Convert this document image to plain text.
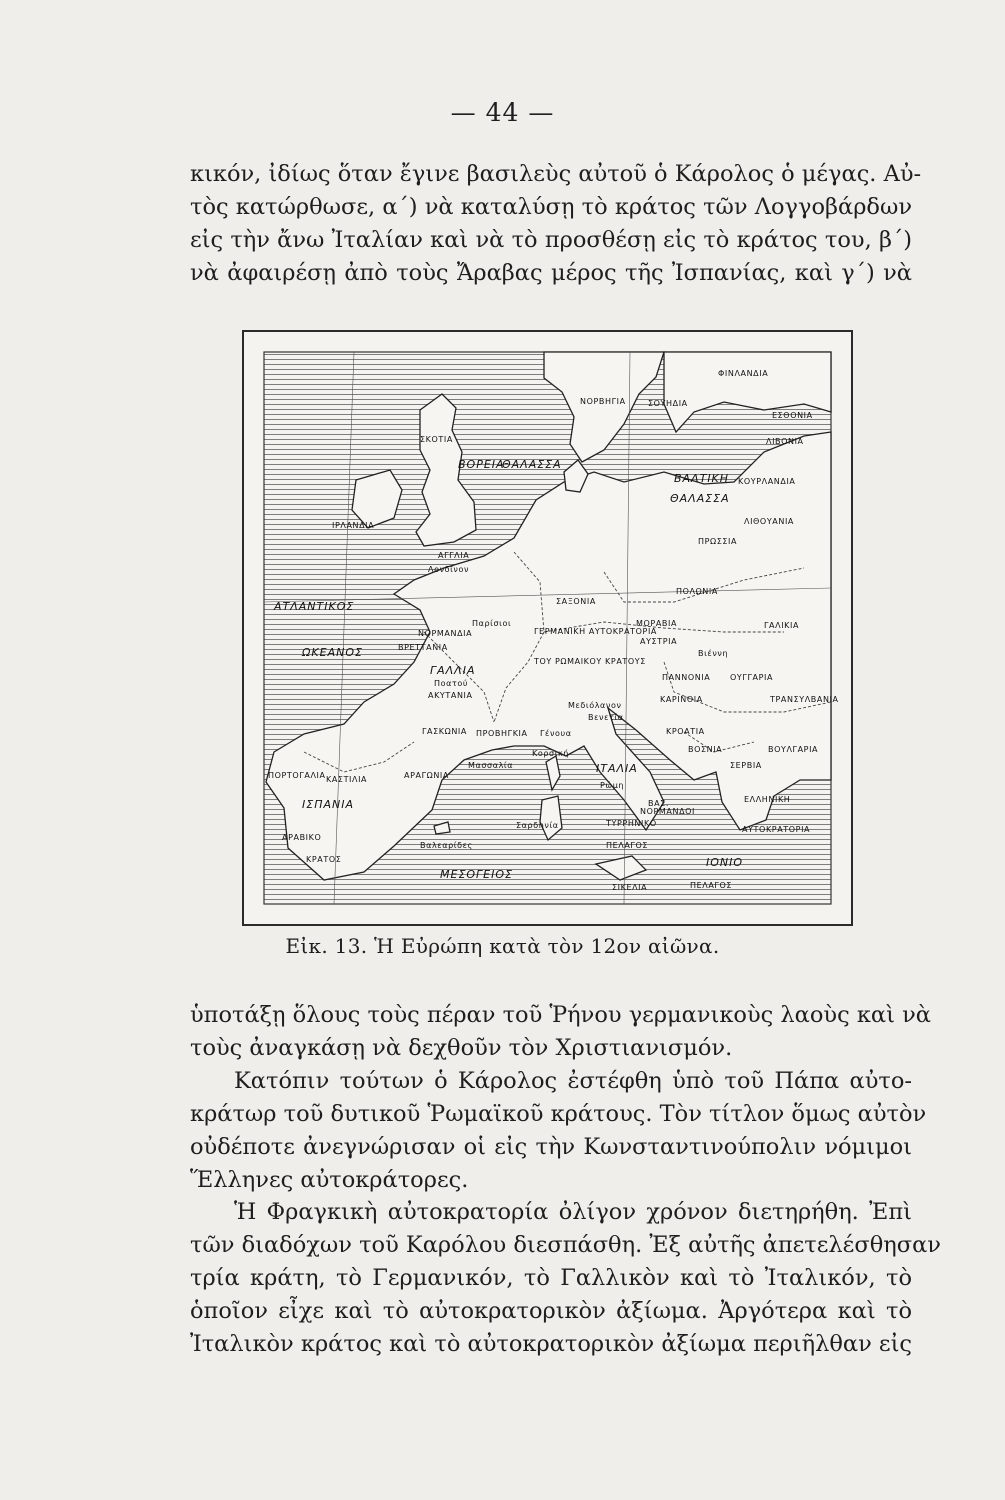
— 44 —

κικόν, ἰδίως ὅταν ἔγινε βασιλεὺς αὐτοῦ ὁ Κάρολος ὁ μέγας. Αὐ-
τὸς κατώρθωσε, α΄) νὰ καταλύσῃ τὸ κράτος τῶν Λογγοβάρδων
εἰς τὴν ἄνω Ἰταλίαν καὶ νὰ τὸ προσθέσῃ εἰς τὸ κράτος του, β΄)
νὰ ἀφαιρέσῃ ἀπὸ τοὺς Ἄραβας μέρος τῆς Ἰσπανίας, καὶ γ΄) νὰ

ΝΟΡΒΗΓΙΑ	ΣΟΥΗΔΙΑ
ΦΙΝΛΑΝΔΙΑ
ΕΣΘΟΝΙΑ
ΛΙΒΟΝΙΑ
ΣΚΟΤΙΑ
ΒΟΡΕΙΑ
ΘΑΛΑΣΣΑ
ΒΑΛΤΙΚΗ
ΘΑΛΑΣΣΑ
ΚΟΥΡΛΑΝΔΙΑ
ΛΙΘΟΥΑΝΙΑ
ΙΡΛΑΝΔΙΑ
ΑΓΓΛΙΑ
Λονδῖνον
ΠΡΩΣΣΙΑ
ΠΟΛΩΝΙΑ
ΑΤΛΑΝΤΙΚΟΣ
ΩΚΕΑΝΟΣ
ΣΑΞΟΝΙΑ
ΝΟΡΜΑΝΔΙΑ
Παρίσιοι
ΒΡΕΤΤΑΝΙΑ
ΓΕΡΜΑΝΙΚΗ ΑΥΤΟΚΡΑΤΟΡΙΑ
ΜΟΡΑΒΙΑ
ΑΥΣΤΡΙΑ
ΓΑΛΙΚΙΑ
ΓΑΛΛΙΑ
Ποατού
ΑΚΥΤΑΝΙΑ
ΤΟΥ ΡΩΜΑΙΚΟΥ ΚΡΑΤΟΥΣ
Βιέννη
ΠΑΝΝΟΝΙΑ ΟΥΓΓΑΡΙΑ
ΤΡΑΝΣΥΛΒΑΝΙΑ
ΚΑΡΙΝΘΙΑ
Μεδιόλανον
Βενετία
ΓΑΣΚΩΝΙΑ ΠΡΟΒΗΓΚΙΑ Γένουα	ΚΡΟΑΤΙΑ
ΒΟΣΝΙΑ	ΒΟΥΛΓΑΡΙΑ
ΠΟΡΤΟΓΑΛΙΑ ΚΑΣΤΙΛΙΑ	ΑΡΑΓΩΝΙΑ
Μασσαλία	ΙΤΑΛΙΑ
Ρώμη
ΣΕΡΒΙΑ
ΙΣΠΑΝΙΑ
Κορσική
ΒΑΣ.	ΕΛΛΗΝΙΚΗ
ΑΡΑΒΙΚΟ
ΚΡΑΤΟΣ
Σαρδηνία	ΤΥΡΡΗΝΙΚΟ
ΝΟΡΜΑΝΔΟΙ
ΑΥΤΟΚΡΑΤΟΡΙΑ
Βαλεαρίδες	ΠΕΛΑΓΟΣ
ΙΟΝΙΟ
ΜΕΣΟΓΕΙΟΣ
ΣΙΚΕΛΙΑ	ΠΕΛΑΓΟΣ
Εἰκ. 13. Ἡ Εὐρώπη κατὰ τὸν 12ον αἰῶνα.

ὑποτάξῃ ὅλους τοὺς πέραν τοῦ Ῥήνου γερμανικοὺς λαοὺς καὶ νὰ
τοὺς ἀναγκάσῃ νὰ δεχθοῦν τὸν Χριστιανισμόν.

Κατόπιν τούτων ὁ Κάρολος ἐστέφθη ὑπὸ τοῦ Πάπα αὐτο-
κράτωρ τοῦ δυτικοῦ Ῥωμαϊκοῦ κράτους. Τὸν τίτλον ὅμως αὐτὸν
οὐδέποτε ἀνεγνώρισαν οἱ εἰς τὴν Κωνσταντινούπολιν νόμιμοι
Ἕλληνες αὐτοκράτορες.

Ἡ Φραγκικὴ αὐτοκρατορία ὀλίγον χρόνον διετηρήθη. Ἐπὶ
τῶν διαδόχων τοῦ Καρόλου διεσπάσθη. Ἐξ αὐτῆς ἀπετελέσθησαν
τρία κράτη, τὸ Γερμανικόν, τὸ Γαλλικὸν καὶ τὸ Ἰταλικόν, τὸ
ὁποῖον εἶχε καὶ τὸ αὐτοκρατορικὸν ἀξίωμα. Ἀργότερα καὶ τὸ
Ἰταλικὸν κράτος καὶ τὸ αὐτοκρατορικὸν ἀξίωμα περιῆλθαν εἰς
